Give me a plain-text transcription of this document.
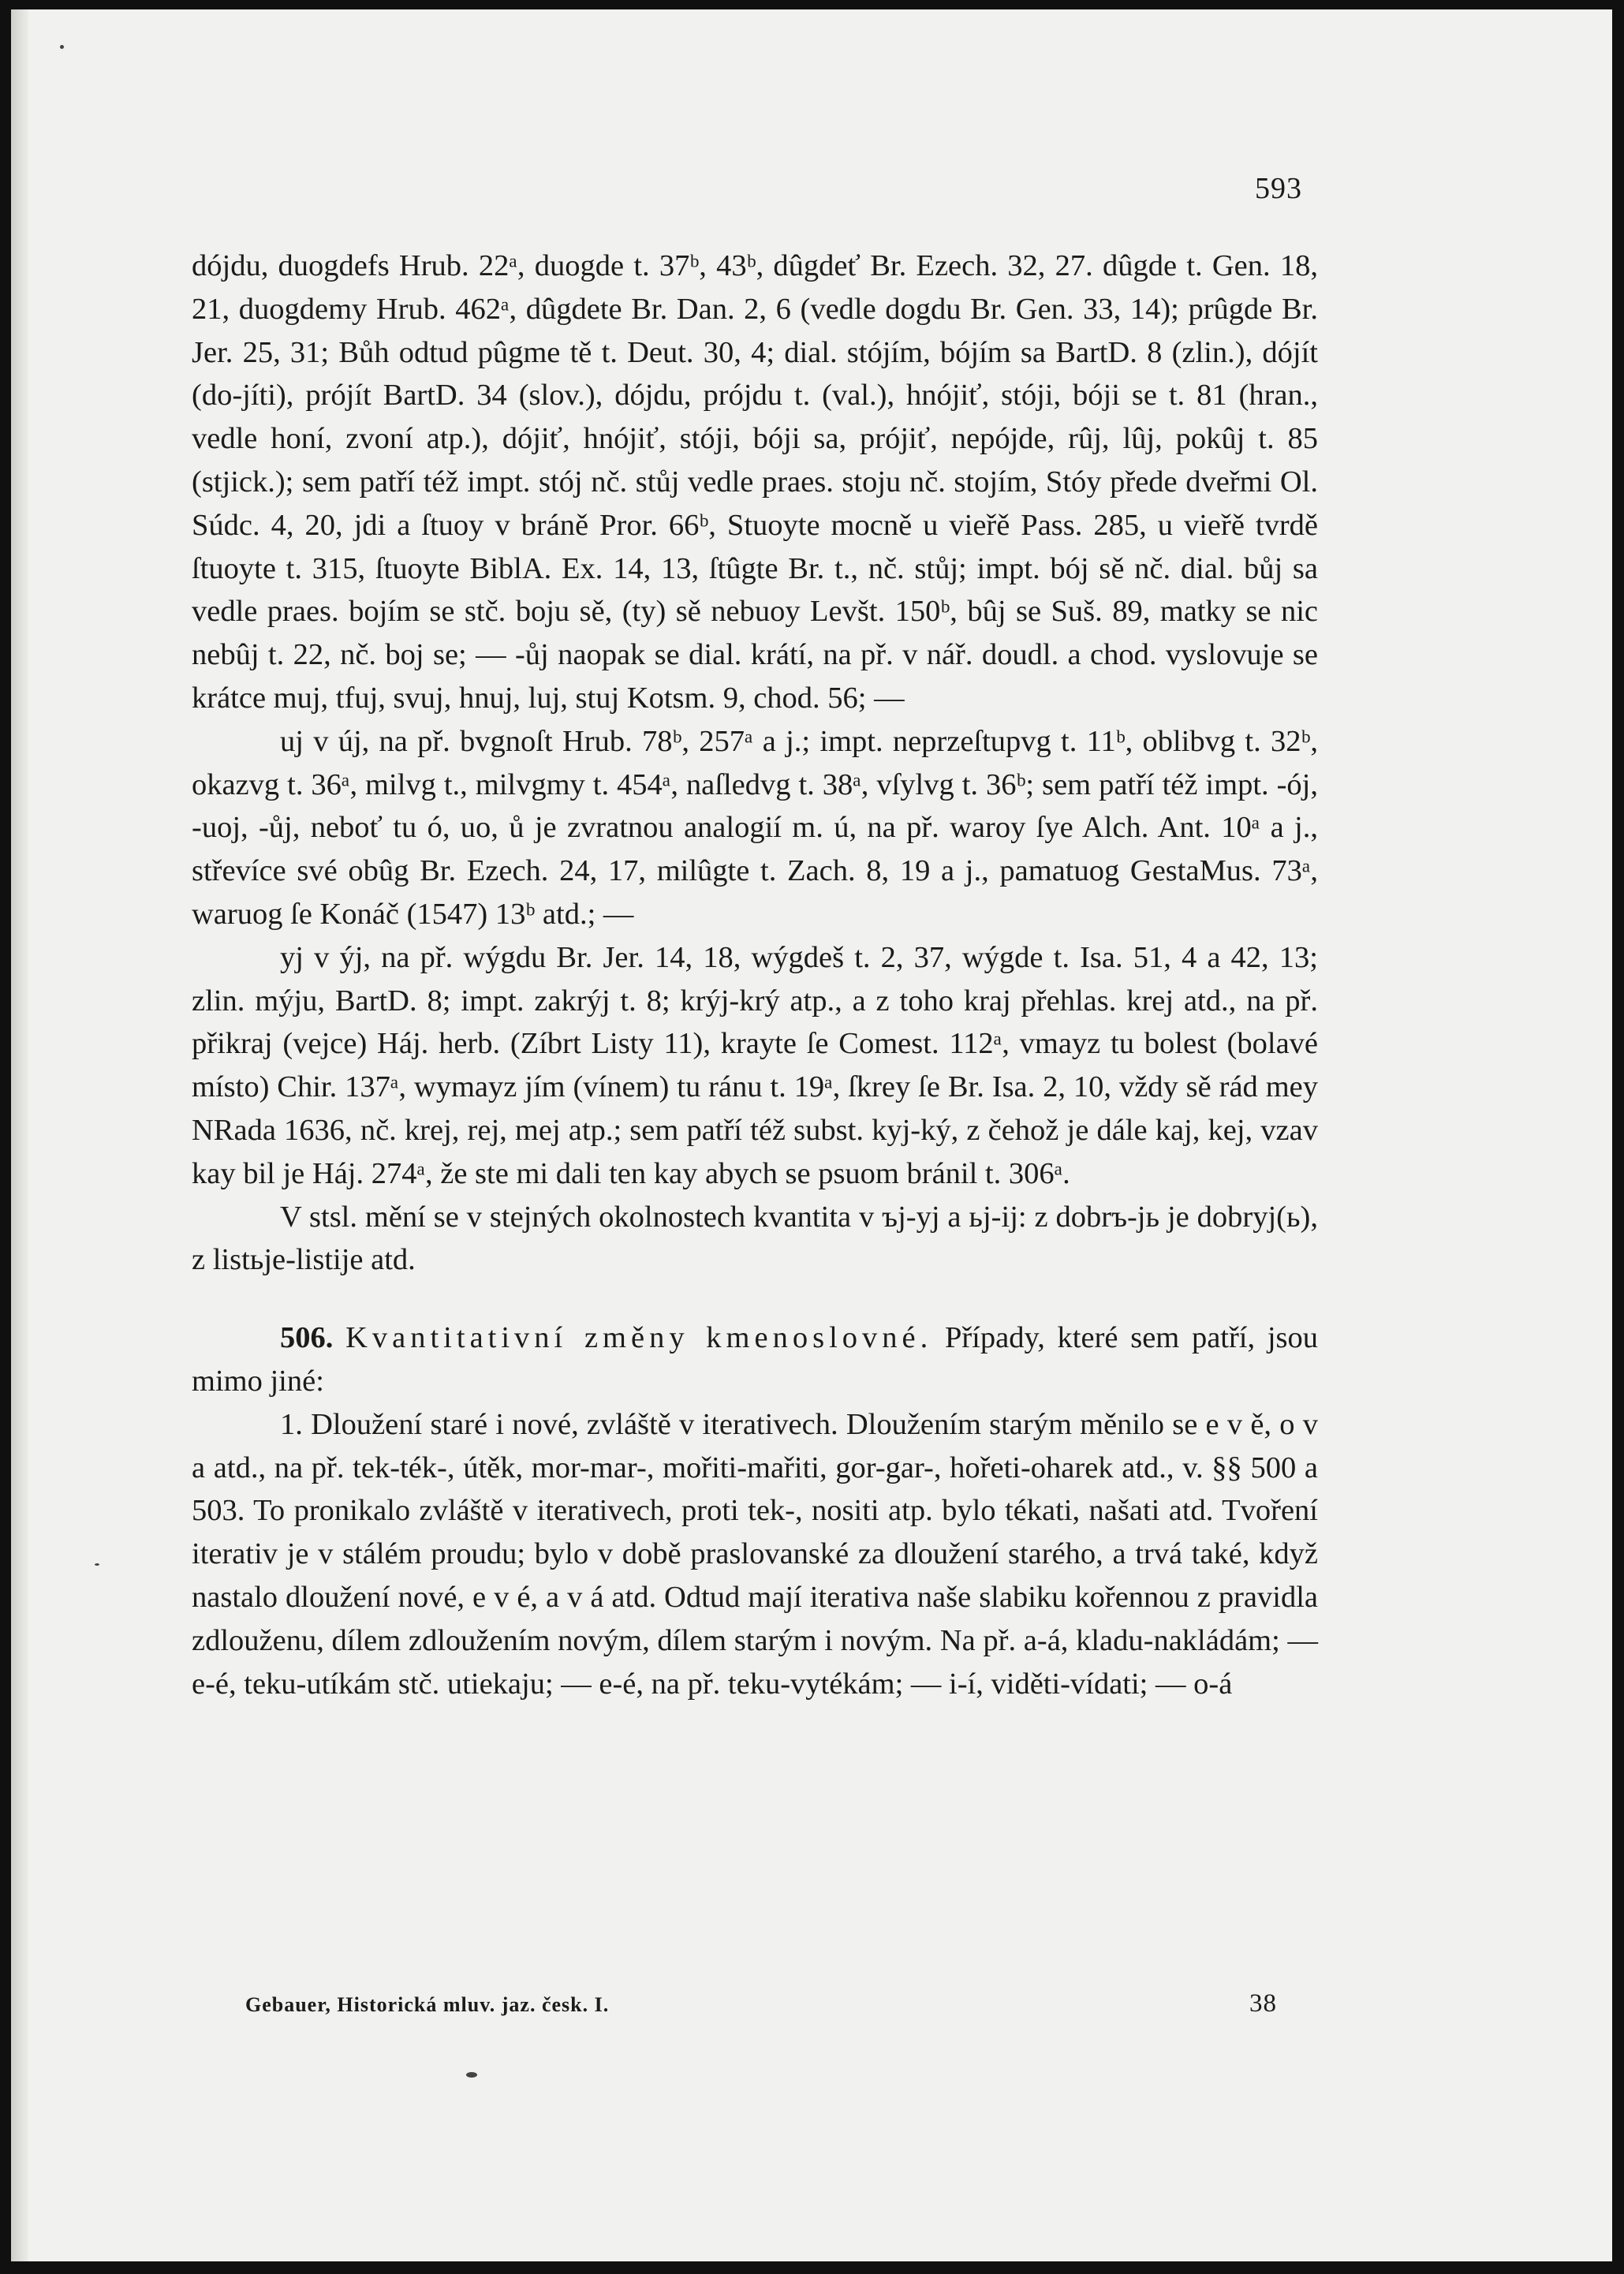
593

dójdu, duogdefs Hrub. 22ᵃ, duogde t. 37ᵇ, 43ᵇ, dûgdeť Br. Ezech. 32, 27. dûgde t. Gen. 18, 21, duogdemy Hrub. 462ᵃ, dûgdete Br. Dan. 2, 6 (vedle dogdu Br. Gen. 33, 14); prûgde Br. Jer. 25, 31; Bůh odtud pûgme tě t. Deut. 30, 4; dial. stójím, bójím sa BartD. 8 (zlin.), dójít (do-jíti), prójít BartD. 34 (slov.), dójdu, prójdu t. (val.), hnójiť, stóji, bóji se t. 81 (hran., vedle honí, zvoní atp.), dójiť, hnójiť, stóji, bóji sa, prójiť, nepójde, rûj, lûj, pokûj t. 85 (stjick.); sem patří též impt. stój nč. stůj vedle praes. stoju nč. stojím, Stóy přede dveřmi Ol. Súdc. 4, 20, jdi a ſtuoy v bráně Pror. 66ᵇ, Stuoyte mocně u vieřě Pass. 285, u vieřě tvrdě ſtuoyte t. 315, ſtuoyte BiblA. Ex. 14, 13, ſtûgte Br. t., nč. stůj; impt. bój sě nč. dial. bůj sa vedle praes. bojím se stč. boju sě, (ty) sě nebuoy Levšt. 150ᵇ, bûj se Suš. 89, matky se nic nebûj t. 22, nč. boj se; — -ůj naopak se dial. krátí, na př. v nář. doudl. a chod. vyslovuje se krátce muj, tfuj, svuj, hnuj, luj, stuj Kotsm. 9, chod. 56; —

uj v új, na př. bvgnoſt Hrub. 78ᵇ, 257ᵃ a j.; impt. neprzeſtupvg t. 11ᵇ, oblibvg t. 32ᵇ, okazvg t. 36ᵃ, milvg t., milvgmy t. 454ᵃ, naſledvg t. 38ᵃ, vſylvg t. 36ᵇ; sem patří též impt. -ój, -uoj, -ůj, neboť tu ó, uo, ů je zvratnou analogií m. ú, na př. waroy ſye Alch. Ant. 10ᵃ a j., střevíce své obûg Br. Ezech. 24, 17, milûgte t. Zach. 8, 19 a j., pamatuog GestaMus. 73ᵃ, waruog ſe Konáč (1547) 13ᵇ atd.; —

yj v ýj, na př. wýgdu Br. Jer. 14, 18, wýgdeš t. 2, 37, wýgde t. Isa. 51, 4 a 42, 13; zlin. mýju, BartD. 8; impt. zakrýj t. 8; krýj-krý atp., a z toho kraj přehlas. krej atd., na př. přikraj (vejce) Háj. herb. (Zíbrt Listy 11), krayte ſe Comest. 112ᵃ, vmayz tu bolest (bolavé místo) Chir. 137ᵃ, wymayz jím (vínem) tu ránu t. 19ᵃ, ſkrey ſe Br. Isa. 2, 10, vždy sě rád mey NRada 1636, nč. krej, rej, mej atp.; sem patří též subst. kyj-ký, z čehož je dále kaj, kej, vzav kay bil je Háj. 274ᵃ, že ste mi dali ten kay abych se psuom bránil t. 306ᵃ.

V stsl. mění se v stejných okolnostech kvantita v ъj-yj a ьj-ij: z dobrъ-jь je dobryj(ь), z listьje-listije atd.

506. Kvantitativní změny kmenoslovné. Případy, které sem patří, jsou mimo jiné:

1. Dloužení staré i nové, zvláště v iterativech. Dloužením starým měnilo se e v ě, o v a atd., na př. tek-ték-, útěk, mor-mar-, mořiti-mařiti, gor-gar-, hořeti-oharek atd., v. §§ 500 a 503. To pronikalo zvláště v iterativech, proti tek-, nositi atp. bylo tékati, našati atd. Tvoření iterativ je v stálém proudu; bylo v době praslovanské za dloužení starého, a trvá také, když nastalo dloužení nové, e v é, a v á atd. Odtud mají iterativa naše slabiku kořennou z pravidla zdlouženu, dílem zdloužením novým, dílem starým i novým. Na př. a-á, kladu-nakládám; — e-é, teku-utíkám stč. utiekaju; — e-é, na př. teku-vytékám; — i-í, viděti-vídati; — o-á

Gebauer, Historická mluv. jaz. česk. I.	38
